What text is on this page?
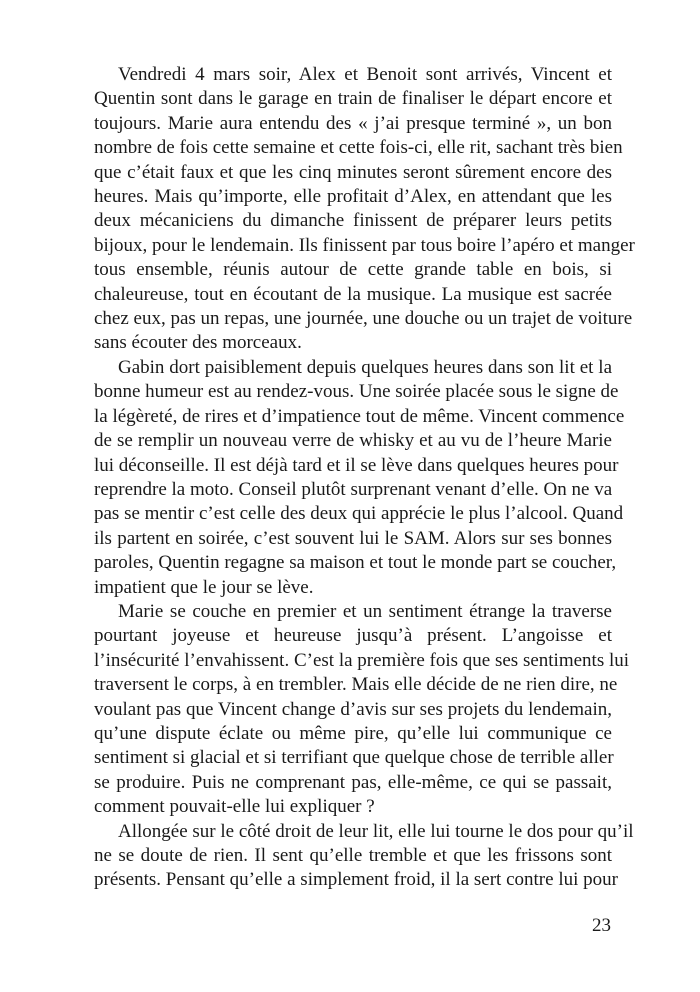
Vendredi 4 mars soir, Alex et Benoit sont arrivés, Vincent et
Quentin sont dans le garage en train de finaliser le départ encore et
toujours. Marie aura entendu des « j’ai presque terminé », un bon
nombre de fois cette semaine et cette fois-ci, elle rit, sachant très bien
que c’était faux et que les cinq minutes seront sûrement encore des
heures. Mais qu’importe, elle profitait d’Alex, en attendant que les
deux mécaniciens du dimanche finissent de préparer leurs petits
bijoux, pour le lendemain. Ils finissent par tous boire l’apéro et manger
tous ensemble, réunis autour de cette grande table en bois, si
chaleureuse, tout en écoutant de la musique. La musique est sacrée
chez eux, pas un repas, une journée, une douche ou un trajet de voiture
sans écouter des morceaux.
Gabin dort paisiblement depuis quelques heures dans son lit et la
bonne humeur est au rendez-vous. Une soirée placée sous le signe de
la légèreté, de rires et d’impatience tout de même. Vincent commence
de se remplir un nouveau verre de whisky et au vu de l’heure Marie
lui déconseille. Il est déjà tard et il se lève dans quelques heures pour
reprendre la moto. Conseil plutôt surprenant venant d’elle. On ne va
pas se mentir c’est celle des deux qui apprécie le plus l’alcool. Quand
ils partent en soirée, c’est souvent lui le SAM. Alors sur ses bonnes
paroles, Quentin regagne sa maison et tout le monde part se coucher,
impatient que le jour se lève.
Marie se couche en premier et un sentiment étrange la traverse
pourtant joyeuse et heureuse jusqu’à présent. L’angoisse et
l’insécurité l’envahissent. C’est la première fois que ses sentiments lui
traversent le corps, à en trembler. Mais elle décide de ne rien dire, ne
voulant pas que Vincent change d’avis sur ses projets du lendemain,
qu’une dispute éclate ou même pire, qu’elle lui communique ce
sentiment si glacial et si terrifiant que quelque chose de terrible aller
se produire. Puis ne comprenant pas, elle-même, ce qui se passait,
comment pouvait-elle lui expliquer ?
Allongée sur le côté droit de leur lit, elle lui tourne le dos pour qu’il
ne se doute de rien. Il sent qu’elle tremble et que les frissons sont
présents. Pensant qu’elle a simplement froid, il la sert contre lui pour
23
